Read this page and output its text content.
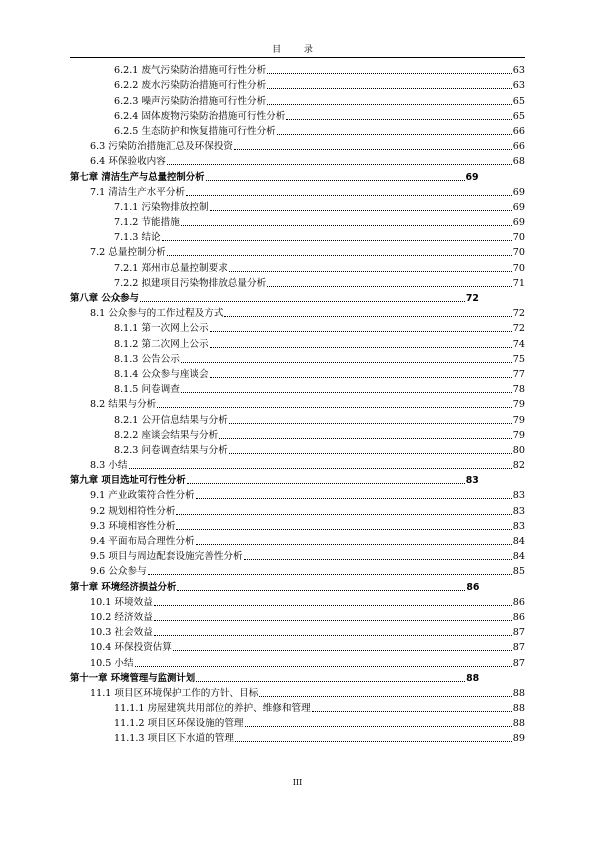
目 录
6.2.1 废气污染防治措施可行性分析	63
6.2.2 废水污染防治措施可行性分析	63
6.2.3 噪声污染防治措施可行性分析	65
6.2.4 固体废物污染防治措施可行性分析	65
6.2.5 生态防护和恢复措施可行性分析	66
6.3 污染防治措施汇总及环保投资	66
6.4 环保验收内容	68
第七章 清洁生产与总量控制分析	69
7.1 清洁生产水平分析	69
7.1.1 污染物排放控制	69
7.1.2 节能措施	69
7.1.3 结论	70
7.2 总量控制分析	70
7.2.1 郑州市总量控制要求	70
7.2.2 拟建项目污染物排放总量分析	71
第八章 公众参与	72
8.1 公众参与的工作过程及方式	72
8.1.1 第一次网上公示	72
8.1.2 第二次网上公示	74
8.1.3 公告公示	75
8.1.4 公众参与座谈会	77
8.1.5 问卷调查	78
8.2 结果与分析	79
8.2.1 公开信息结果与分析	79
8.2.2 座谈会结果与分析	79
8.2.3 问卷调查结果与分析	80
8.3 小结	82
第九章 项目选址可行性分析	83
9.1 产业政策符合性分析	83
9.2 规划相符性分析	83
9.3 环境相容性分析	83
9.4 平面布局合理性分析	84
9.5 项目与周边配套设施完善性分析	84
9.6 公众参与	85
第十章 环境经济损益分析	86
10.1 环境效益	86
10.2 经济效益	86
10.3 社会效益	87
10.4 环保投资估算	87
10.5 小结	87
第十一章 环境管理与监测计划	88
11.1 项目区环境保护工作的方针、目标	88
11.1.1 房屋建筑共用部位的养护、维修和管理	88
11.1.2 项目区环保设施的管理	88
11.1.3 项目区下水道的管理	89
III
